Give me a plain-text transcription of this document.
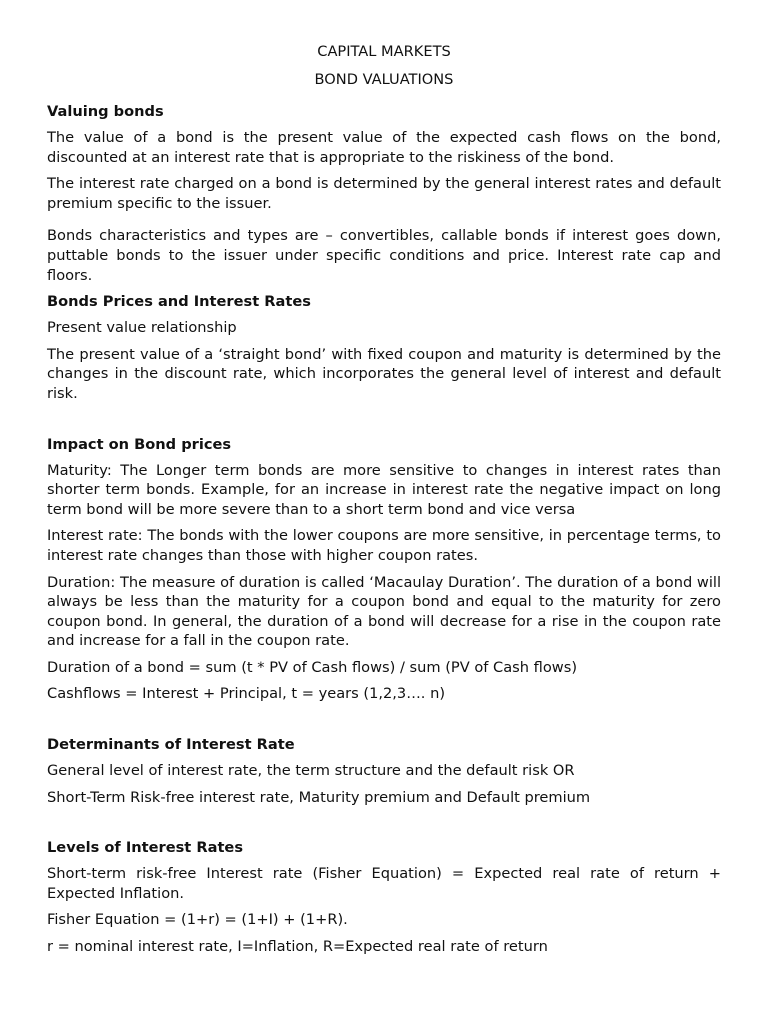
CAPITAL MARKETS
BOND VALUATIONS
Valuing bonds

The value of a bond is the present value of the expected cash flows on the bond, discounted at an interest rate that is appropriate to the riskiness of the bond.

The interest rate charged on a bond is determined by the general interest rates and default premium specific to the issuer.

Bonds characteristics and types are – convertibles, callable bonds if interest goes down, puttable bonds to the issuer under specific conditions and price. Interest rate cap and floors.

Bonds Prices and Interest Rates

Present value relationship

The present value of a ‘straight bond’ with fixed coupon and maturity is determined by the changes in the discount rate, which incorporates the general level of interest and default risk.

Impact on Bond prices

Maturity: The Longer term bonds are more sensitive to changes in interest rates than shorter term bonds. Example, for an increase in interest rate the negative impact on long term bond will be more severe than to a short term bond and vice versa

Interest rate: The bonds with the lower coupons are more sensitive, in percentage terms, to interest rate changes than those with higher coupon rates.

Duration: The measure of duration is called ‘Macaulay Duration’. The duration of a bond will always be less than the maturity for a coupon bond and equal to the maturity for zero coupon bond. In general, the duration of a bond will decrease for a rise in the coupon rate and increase for a fall in the coupon rate.

Duration of a bond = sum (t * PV of Cash flows) / sum (PV of Cash flows)

Cashflows = Interest + Principal, t = years (1,2,3…. n)

Determinants of Interest Rate

General level of interest rate, the term structure and the default risk OR

Short-Term Risk-free interest rate, Maturity premium and Default premium

Levels of Interest Rates

Short-term risk-free Interest rate (Fisher Equation) = Expected real rate of return + Expected Inflation.

Fisher Equation = (1+r) = (1+I) + (1+R).

r = nominal interest rate, I=Inflation, R=Expected real rate of return
